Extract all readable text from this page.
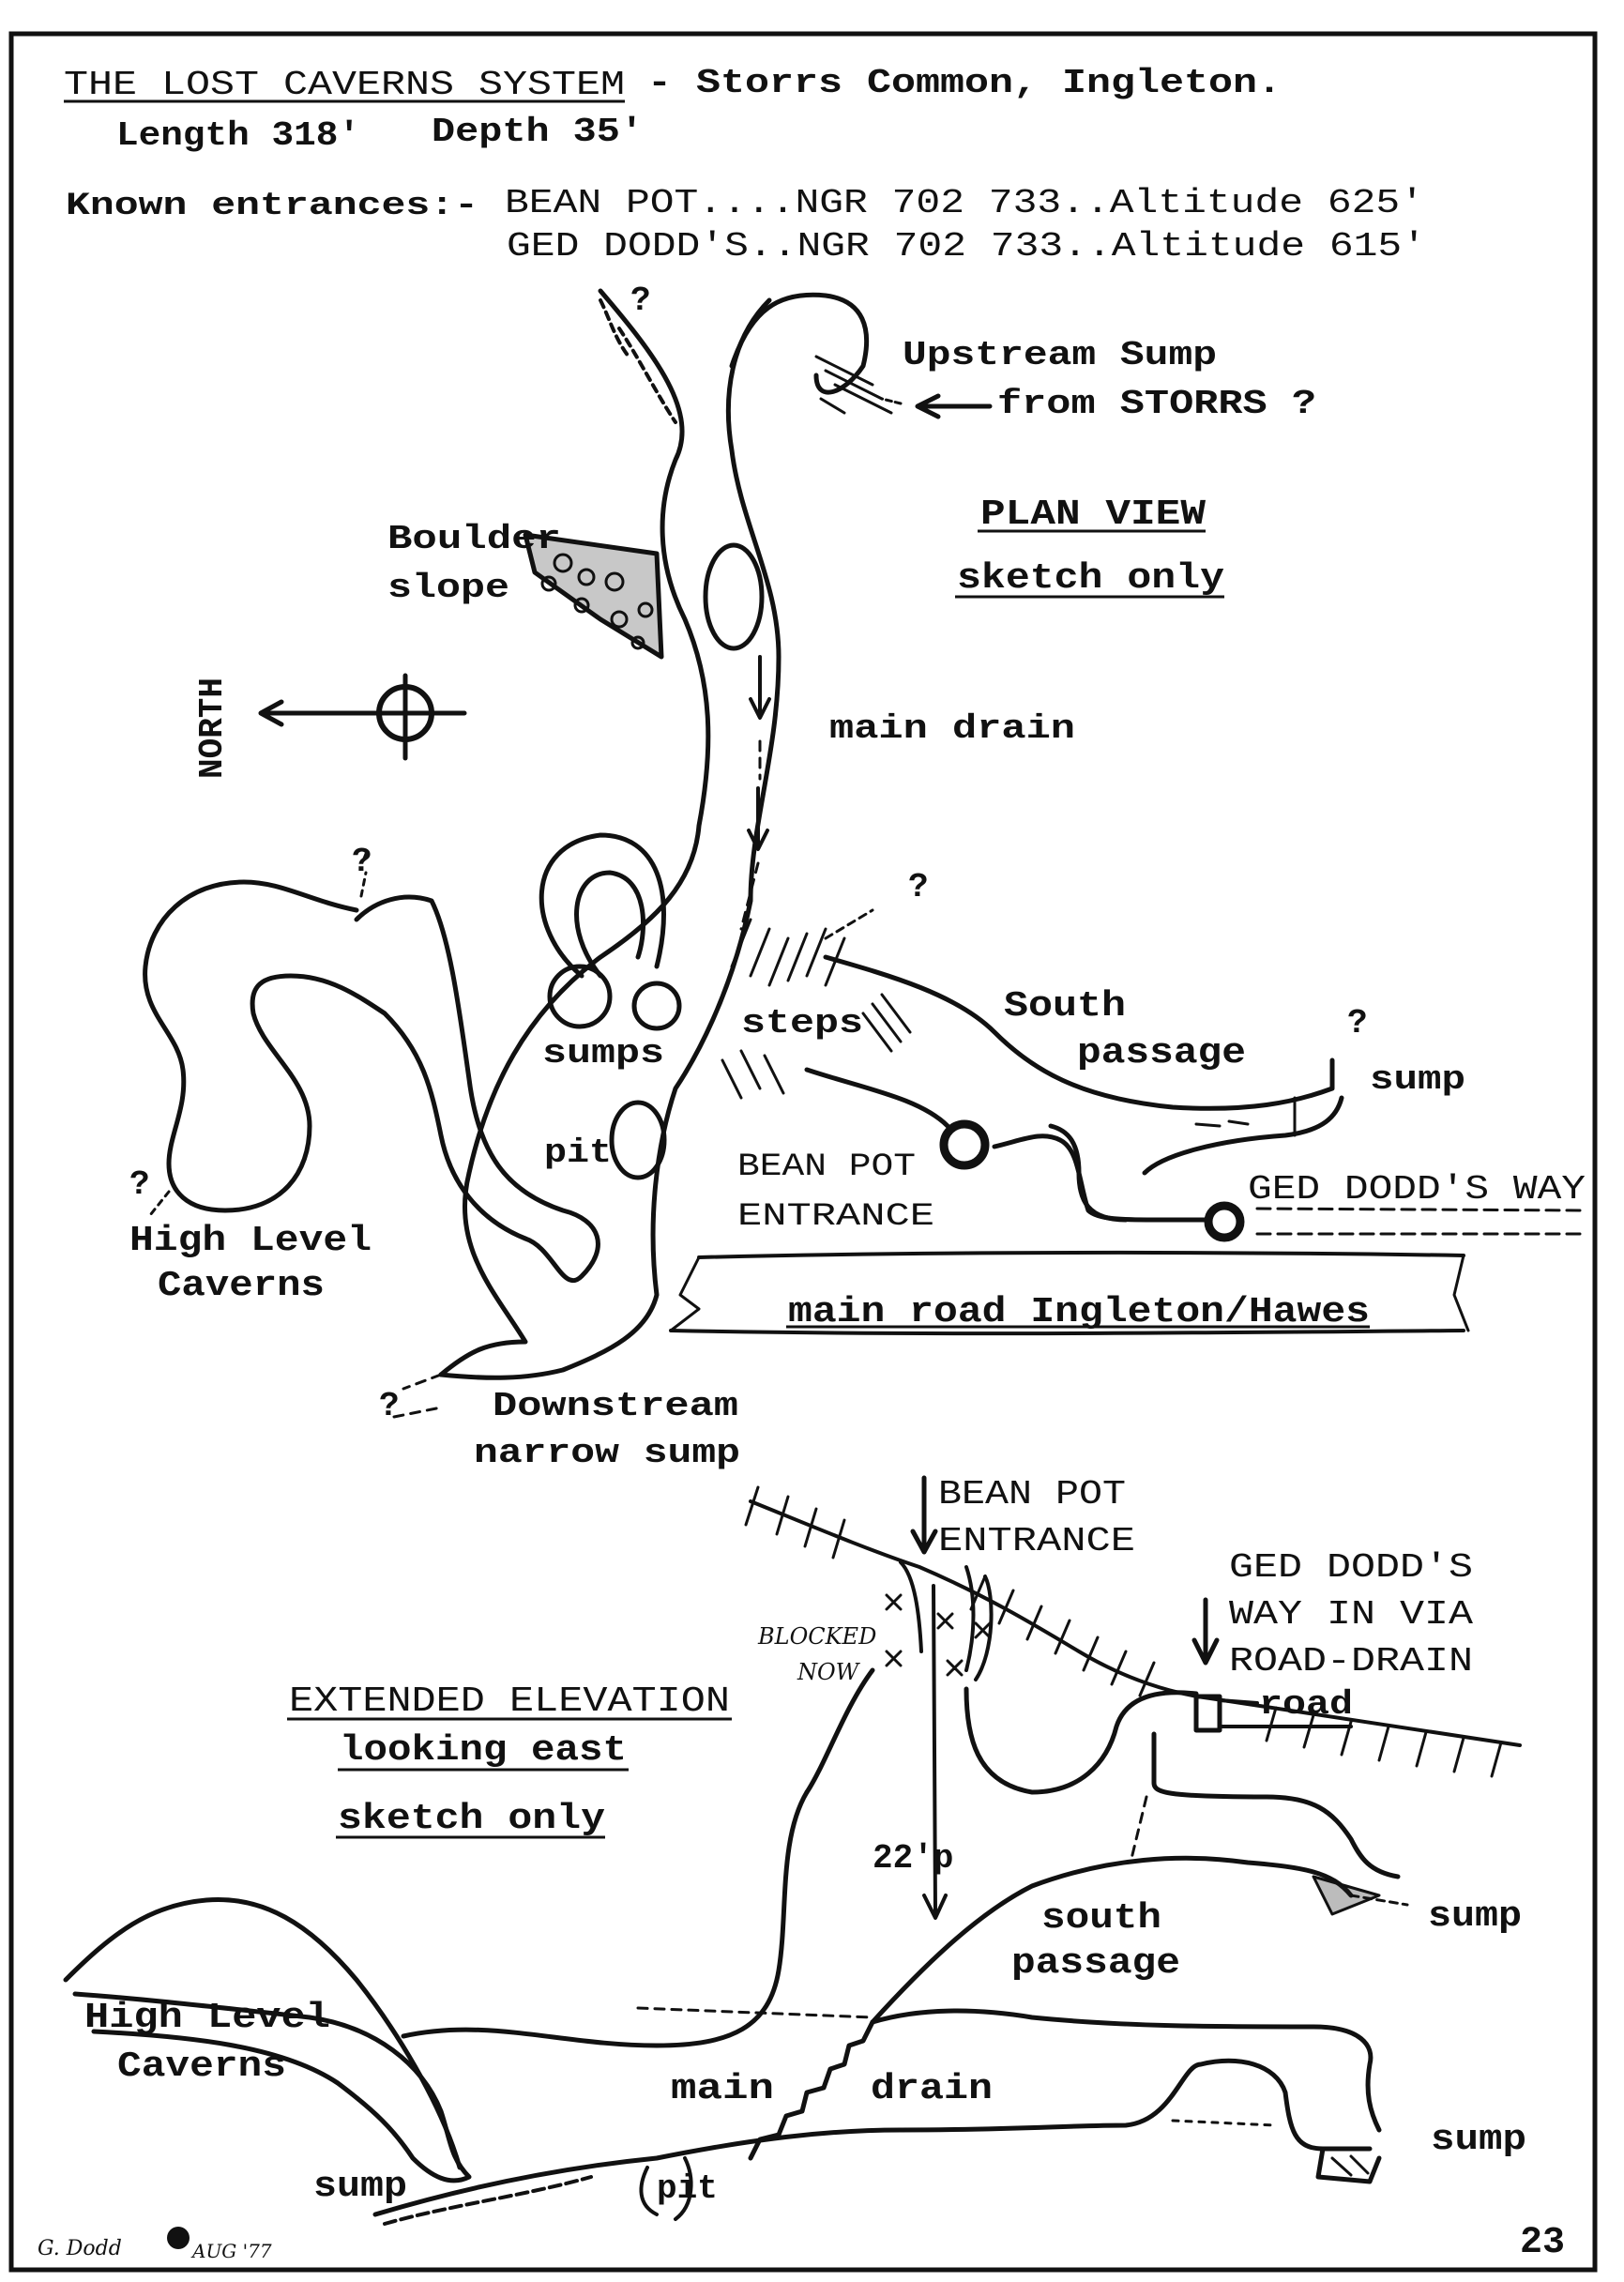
THE LOST CAVERNS SYSTEM - Storrs Common, Ingleton.
Length 318' Depth 35'
Known entrances:- BEAN POT....NGR 702 733..Altitude 625'
GED DODD'S..NGR 702 733..Altitude 615'
PLAN VIEW
sketch only
NORTH
Upstream Sump
from STORRS ?
Boulder
slope
main drain
sumps
steps
pit
South
passage
sump
BEAN POT
ENTRANCE
GED DODD'S WAY
High Level
Caverns
main road Ingleton/Hawes
Downstream
narrow sump
?
?
?
?
?
?
BEAN POT
ENTRANCE
BLOCKED
NOW
GED DODD'S
WAY IN VIA
ROAD-DRAIN
road
EXTENDED ELEVATION
looking east
sketch only
22'p
south
passage
sump
High Level
Caverns
main	drain
sump
sump	pit
G. Dodd	AUG '77	23
